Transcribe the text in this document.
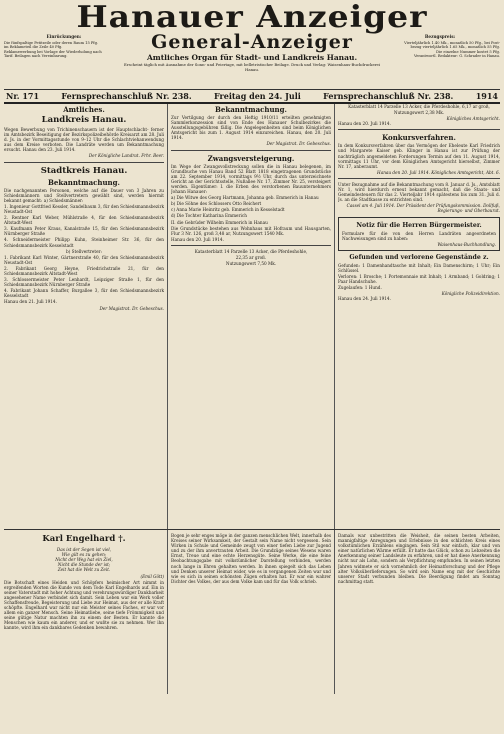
Hanauer Anzeiger
Einrückungen:
Die fünfspaltige Petitzeile oder deren Raum 15 Pfg.
im Reklameteil die Zeile 40 Pfg.
Reklamewerbung bei Vorlage der Wiederholung nach
Tarif. Beilagen nach Vereinbarung.
General-Anzeiger
Amtliches Organ für Stadt- und Landkreis Hanau.
Erscheint täglich mit Ausnahme der Sonn- und Feiertage, mit belletristischer Beilage. Druck und Verlag: Waisenhaus-Buchdruckerei Hanau.
Bezugspreis:
Vierteljährlich 1.40 Mk., monatlich 50 Pfg., bei Post-
bezug vierteljährlich 1.65 Mk., monatlich 55 Pfg.
Die einzelne Nummer kostet 5 Pfg.
Verantwortl. Redakteur: G. Schrader in Hanau.
Nr. 171	Fernsprechanschluß Nr. 238.	Freitag den 24. Juli	Fernsprechanschluß Nr. 238.	1914
Amtliches.
Landkreis Hanau.

Wegen Bewerbung von Trichinenschauern ist der Hauptschlacht- ferner im Amtsbezirk Beseitigung der Bezirkspolizeibehörde Kreisarzt am 28. Juli d. Js. in der Vormittagsstunde von 9–12 Uhr die Schlachtviehanwendung aus dem Kreise verboten. Die Landräte werden um Bekanntmachung ersucht. Hanau den 23. Juli 1914.

Der Königliche Landrat. Frhr. Beer.
Stadtkreis Hanau.
Bekanntmachung.

Die nachgenannten Personen, welche auf die Dauer von 3 Jahren zu Schiedsmännern und Stellvertretern gewählt sind, werden hiermit bekannt gemacht: a) Schiedsmänner:

1. Ingenieur Gottfried Kessler, Sandelbaum 3, für den Schiedsmannsbezirk Neustadt-Ost

2. Rentner Karl Weber, Mühlstraße 4, für den Schiedsmannsbezirk Altstadt-West

3. Kaufmann Peter Kraus, Kanalstraße 15, für den Schiedsmannsbezirk Nürnberger Straße

4. Schneidermeister Philipp Kuhn, Steinheimer Str. 36, für den Schiedsmannsbezirk Kesselstadt

b) Stellvertreter:

1. Fabrikant Karl Winter, Gärtnerstraße 40, für den Schiedsmannsbezirk Neustadt-Ost

2. Fabrikant Georg Heyne, Friedrichstraße 21, für den Schiedsmannsbezirk Altstadt-West

3. Schlossermeister Peter Lenhardt, Leipziger Straße 1, für den Schiedsmannsbezirk Nürnberger Straße

4. Fabrikant Johann Schaffer, Burgallee 3, für den Schiedsmannsbezirk Kesselstadt

Hanau den 21. Juli 1914.

Der Magistrat. Dr. Gebeschus.
Bekanntmachung.

Zur Vertilgung der durch den Heftig 1910/11 erteilten genehmigten Sammlerkonzession sind von Ende des Hanauer Schulbezirkes die Ausstellungsgebühren fällig. Die Angelegenheiten sind beim Königlichen Amtsgericht bis zum 1. August 1914 einzureichen. Hanau, den 20. Juli 1914.

Der Magistrat. Dr. Gebeschus.
Zwangsversteigerung.

Im Wege der Zwangsvollstreckung sollen die in Hanau belegenen, im Grundbuche von Hanau Band 52 Blatt 1818 eingetragenen Grundstücke am 22. September 1914, vormittags 9½ Uhr, durch das unterzeichnete Gericht an der Gerichtsstelle, Nußallee Nr. 17, Zimmer Nr. 25, versteigert werden. Eigentümer: I. die Erben des verstorbenen Bauunternehmers Johann Hanauer:

a) Die Witwe des Georg Hartmann, Johanna geb. Emmerich in Hanau

b) Die Söhne des Schlossers Otto Reichert

c) Anna Marie Heinritz geb. Emmerich in Kesselstadt

d) Die Tochter Katharina Emmerich

II. die Gebrüder Wilhelm Emmerich in Hanau

Die Grundstücke bestehen aus Wohnhaus mit Hofraum und Hausgarten, Flur 3 Nr. 126, groß 3,48 ar, Nutzungswert 1540 Mk.

Hanau den 20. Juli 1914.

Katasterblatt 14 Parzelle 13 Acker, die Pferdeshohle,

22,35 ar groß.

Nutzungswert 7,50 Mk.

Katasterblatt 14 Parzelle 13 Acker, die Pferdeshohle, 6,17 ar groß,

Nutzungswert 2,38 Mk.

Königliches Amtsgericht.

Hanau den 20. Juli 1914.

Konkursverfahren.

In dem Konkursverfahren über das Vermögen der Eheleute Karl Friedrich und Margarete Kaiser geb. Klinger in Hanau ist zur Prüfung der nachträglich angemeldeten Forderungen Termin auf den 11. August 1914, vormittags 11 Uhr, vor dem Königlichen Amtsgericht hierselbst, Zimmer Nr. 17, anberaumt.

Hanau den 20. Juli 1914. Königliches Amtsgericht, Abt. 6.

Unter Bezugnahme auf die Bekanntmachung vom 8. Januar d. Js., Amtsblatt Nr. 1, wird hierdurch erneut bekannt gemacht, daß die Staats- und Gemeindesteuern für das 2. Vierteljahr 1914 spätestens bis zum 31. Juli d. Js. an die Stadtkasse zu entrichten sind.

Cassel am 4. Juli 1914. Der Präsident der Prüfungskommission. Dollfuß, Regierungs- und Oberbaurat.
Notiz für die Herren Bürgermeister.

Formulare für die von den Herren Landräten angeordneten Nachweisungen sind zu haben:

Waisenhaus-Buchhandlung.
Gefunden und verlorene Gegenstände z.

Gefunden: 1 Damenhandtasche mit Inhalt; Ein Damenschirm; 1 Uhr; Ein Schlüssel.

Verloren: 1 Brosche; 1 Portemonnaie mit Inhalt; 1 Armband; 1 Goldring; 1 Paar Handschuhe.

Zugelaufen: 1 Hund.

Königliche Polizeidirektion.

Hanau den 24. Juli 1914.

Karl Engelhard †.
Das ist der Segen ist viel,
Wie gilt es zu gehen;
Nicht der Weg hat ein Ziel,
Nicht die Stunde der ist;
Zeit hat die Welt zu Zeit.
(Emil Gött)

Die Botschaft eines Heiden und Schöpfers heimischer Art nimmt in ergreifenden Worten die Kunde von dem Tode Karl Engelhards auf. Ein in seiner Vaterstadt mit hoher Achtung und verehrungswürdiger Dankbarkeit angesehener Name verbindet sich damit. Sein Leben war ein Werk voller Schaffensfreude, Begeisterung und Liebe zur Heimat, aus der er alle Kraft schöpfte. Engelhard war nicht nur ein Meister seines Faches, er war vor allem ein ganzer Mensch. Seine Heimatliebe, seine tiefe Frömmigkeit und seine gütige Natur machten ihn zu einem der Besten. Er kannte die Menschen wie kaum ein anderer, und er wußte sie zu nehmen. Wer ihn kannte, wird ihm ein dankbares Gedenken bewahren.

Bogen je sehr enges möge in der ganzen menschlichen Welt, innerhalb des Kreises seiner Wirksamkeit, der Gestalt sein Name nicht vergessen. Sein Wirken in Schule und Gemeinde zeugt von einer tiefen Liebe zur Jugend und zu der ihm anvertrauten Arbeit. Die Grundzüge seines Wesens waren Ernst, Treue und eine echte Herzensgüte. Seine Werke, die eine feine Beobachtungsgabe mit volkstümlicher Darstellung verbinden, werden noch lange in Ehren gehalten werden. In ihnen spiegelt sich das Leben und Denken unserer Heimat wider, wie es in vergangenen Zeiten war und wie es sich in seinen schönsten Zügen erhalten hat. Er war ein wahrer Dichter des Volkes, der aus dem Volke kam und für das Volk schrieb.

Damals war unbestritten die Weisheit, die seinen besten Arbeiten, mannigfaltige Anregungen und Erlebnisse in den schlichten Kreis eines volkstümlichen Erzählens eingingen. Sein Stil war einfach, klar und von einer natürlichen Wärme erfüllt. Er hatte das Glück, schon zu Lebzeiten die Anerkennung seiner Landsleute zu erfahren, und er hat diese Anerkennung nicht nur als Lohn, sondern als Verpflichtung empfunden. In seinen letzten Jahren widmete er sich vornehmlich der Heimatforschung und der Pflege alter Volksüberlieferungen. So wird sein Name eng mit der Geschichte unserer Stadt verbunden bleiben. Die Beerdigung findet am Sonntag nachmittag statt.
